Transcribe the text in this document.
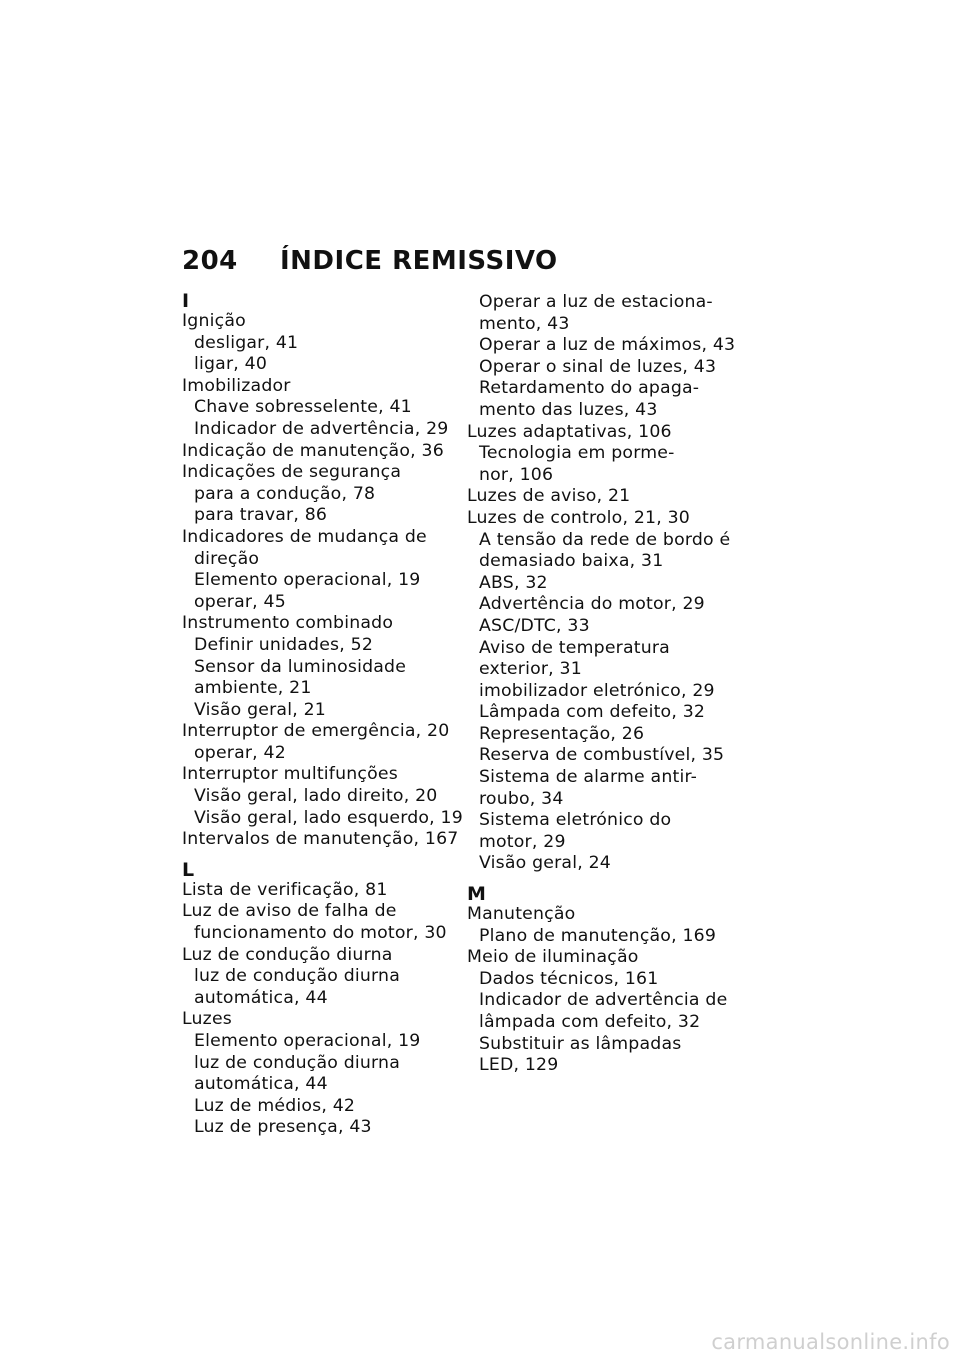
204 ÍNDICE REMISSIVO
I
Ignição
desligar, 41
ligar, 40
Imobilizador
Chave sobresselente, 41
Indicador de advertência, 29
Indicação de manutenção, 36
Indicações de segurança
para a condução, 78
para travar, 86
Indicadores de mudança de
direção
Elemento operacional, 19
operar, 45
Instrumento combinado
Definir unidades, 52
Sensor da luminosidade
ambiente, 21
Visão geral, 21
Interruptor de emergência, 20
operar, 42
Interruptor multifunções
Visão geral, lado direito, 20
Visão geral, lado esquerdo, 19
Intervalos de manutenção, 167
L
Lista de verificação, 81
Luz de aviso de falha de
funcionamento do motor, 30
Luz de condução diurna
luz de condução diurna
automática, 44
Luzes
Elemento operacional, 19
luz de condução diurna
automática, 44
Luz de médios, 42
Luz de presença, 43
Operar a luz de estaciona-
mento, 43
Operar a luz de máximos, 43
Operar o sinal de luzes, 43
Retardamento do apaga-
mento das luzes, 43
Luzes adaptativas, 106
Tecnologia em porme-
nor, 106
Luzes de aviso, 21
Luzes de controlo, 21, 30
A tensão da rede de bordo é
demasiado baixa, 31
ABS, 32
Advertência do motor, 29
ASC/DTC, 33
Aviso de temperatura
exterior, 31
imobilizador eletrónico, 29
Lâmpada com defeito, 32
Representação, 26
Reserva de combustível, 35
Sistema de alarme antir-
roubo, 34
Sistema eletrónico do
motor, 29
Visão geral, 24
M
Manutenção
Plano de manutenção, 169
Meio de iluminação
Dados técnicos, 161
Indicador de advertência de
lâmpada com defeito, 32
Substituir as lâmpadas
LED, 129
carmanualsonline.info
